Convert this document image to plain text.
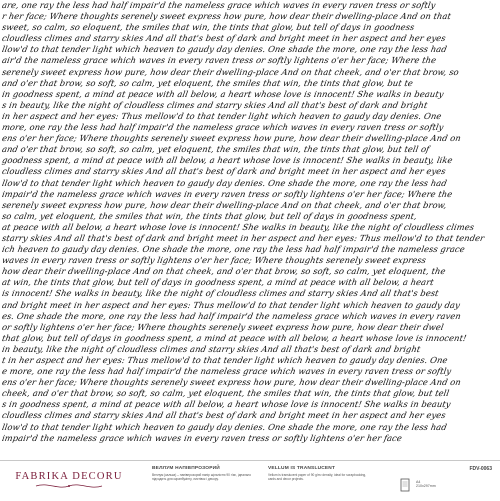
are, one ray the less had half impair'd the nameless grace which waves in every raven tress or softly
r her face; Where thoughts serenely sweet express how pure, how dear their dwelling-place And on that
sweet, so calm, so eloquent, the smiles that win, the tints that glow, but tell of days in goodness
cloudless climes and starry skies And all that's best of dark and bright meet in her aspect and her eyes
llow'd to that tender light which heaven to gaudy day denies. One shade the more, one ray the less had
air'd the nameless grace which waves in every raven tress or softly lightens o'er her face; Where the
serenely sweet express how pure, how dear their dwelling-place And on that cheek, and o'er that brow, so
and o'er that brow, so soft, so calm, yet eloquent, the smiles that win, the tints that glow, but te
in goodness spent, a mind at peace with all below, a heart whose love is innocent! She walks in beauty
s in beauty, like the night of cloudless climes and starry skies And all that's best of dark and bright
in her aspect and her eyes: Thus mellow'd to that tender light which heaven to gaudy day denies. One
more, one ray the less had half impair'd the nameless grace which waves in every raven tress or softly
ens o'er her face; Where thoughts serenely sweet express how pure, how dear their dwelling-place And on
and o'er that brow, so soft, so calm, yet eloquent, the smiles that win, the tints that glow, but tell of
goodness spent, a mind at peace with all below, a heart whose love is innocent! She walks in beauty, like
cloudless climes and starry skies And all that's best of dark and bright meet in her aspect and her eyes
llow'd to that tender light which heaven to gaudy day denies. One shade the more, one ray the less had
impair'd the nameless grace which waves in every raven tress or softly lightens o'er her face; Where the
serenely sweet express how pure, how dear their dwelling-place And on that cheek, and o'er that brow,
so calm, yet eloquent, the smiles that win, the tints that glow, but tell of days in goodness spent,
at peace with all below, a heart whose love is innocent! She walks in beauty, like the night of cloudless climes
starry skies And all that's best of dark and bright meet in her aspect and her eyes: Thus mellow'd to that tender
ich heaven to gaudy day denies. One shade the more, one ray the less had half impair'd the nameless grace
waves in every raven tress or softly lightens o'er her face; Where thoughts serenely sweet express
how dear their dwelling-place And on that cheek, and o'er that brow, so soft, so calm, yet eloquent, the
at win, the tints that glow, but tell of days in goodness spent, a mind at peace with all below, a heart
is innocent! She walks in beauty, like the night of cloudless climes and starry skies And all that's best
and bright meet in her aspect and her eyes: Thus mellow'd to that tender light which heaven to gaudy day
es. One shade the more, one ray the less had half impair'd the nameless grace which waves in every raven
or softly lightens o'er her face; Where thoughts serenely sweet express how pure, how dear their dwel
that glow, but tell of days in goodness spent, a mind at peace with all below, a heart whose love is innocent!
in beauty, like the night of cloudless climes and starry skies And all that's best of dark and bright
t in her aspect and her eyes: Thus mellow'd to that tender light which heaven to gaudy day denies. One
e more, one ray the less had half impair'd the nameless grace which waves in every raven tress or softly
ens o'er her face; Where thoughts serenely sweet express how pure, how dear their dwelling-place And on
cheek, and o'er that brow, so soft, so calm, yet eloquent, the smiles that win, the tints that glow, but tell
s in goodness spent, a mind at peace with all below, a heart whose love is innocent! She walks in beauty
cloudless climes and starry skies And all that's best of dark and bright meet in her aspect and her eyes
llow'd to that tender light which heaven to gaudy day denies. One shade the more, one ray the less had
impair'd the nameless grace which waves in every raven tress or softly lightens o'er her face
FABRIKA DECORU
ВЕЛЛУМ НАПІВПРОЗОРИЙ
Веллум (калька) – напівпрозорий папір щільністю 90 г/м², ідеально підходить для скрапбукінгу, листівок і декору.
VELLUM IS TRANSLUCENT
Vellum is translucent paper of 90 g/m² density, ideal for scrapbooking, cards and decor projects.
FDV-0063
A4
210x297mm
